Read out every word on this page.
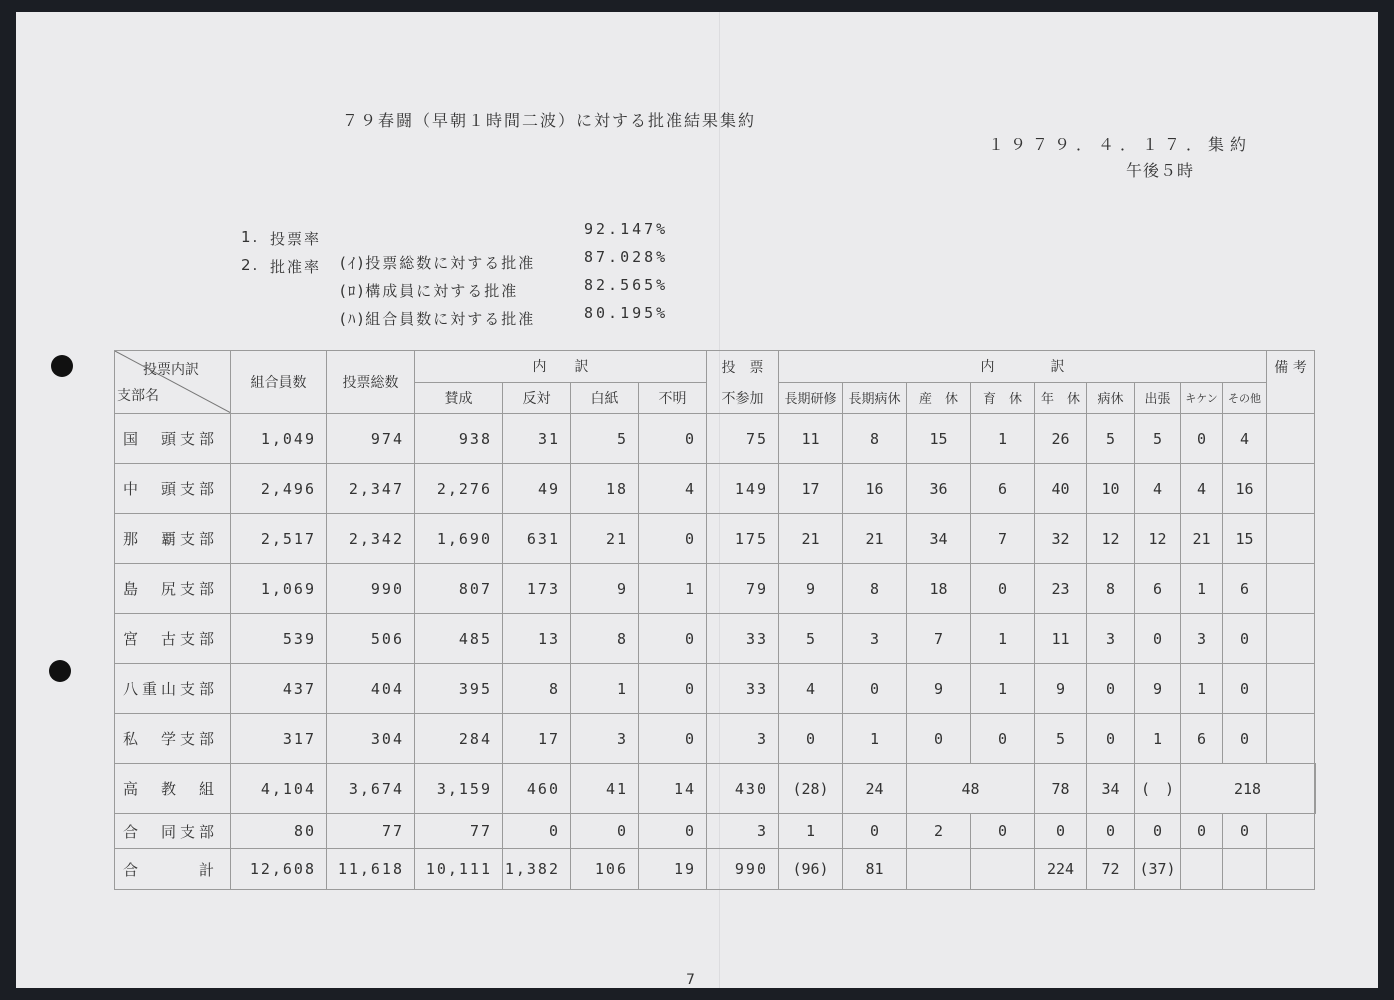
７９春闘（早朝１時間二波）に対する批准結果集約
１９７９．４．１７．集約
午後５時
1. 投票率
92.147%
2. 批准率 (ｲ)投票総数に対する批准	87.028%
(ﾛ)構成員に対する批准	82.565%
(ﾊ)組合員数に対する批准	80.195%
7
投票内訳
支部名	組合員数	投票総数	内　　訳				投　票	内　　　　訳									備 考	
			賛成	反対	白紙	不明	不参加	長期研修	長期病休	産　休	育　休	年　休	病休	出張	キケン	その他		
国　頭支部	1,049	974	938	31	5	0	75	11	8	15	1	26	5	5	0	4		
中　頭支部	2,496	2,347	2,276	49	18	4	149	17	16	36	6	40	10	4	4	16		
那　覇支部	2,517	2,342	1,690	631	21	0	175	21	21	34	7	32	12	12	21	15		
島　尻支部	1,069	990	807	173	9	1	79	9	8	18	0	23	8	6	1	6		
宮　古支部	539	506	485	13	8	0	33	5	3	7	1	11	3	0	3	0		
八重山支部	437	404	395	8	1	0	33	4	0	9	1	9	0	9	1	0		
私　学支部	317	304	284	17	3	0	3	0	1	0	0	5	0	1	6	0		
高　教　組	4,104	3,674	3,159	460	41	14	430	(28)	24	48		78	34	(　)	218			
合　同支部	80	77	77	0	0	0	3	1	0	2	0	0	0	0	0	0		
合　　　計	12,608	11,618	10,111	1,382	106	19	990	(96)	81			224	72	(37)				
